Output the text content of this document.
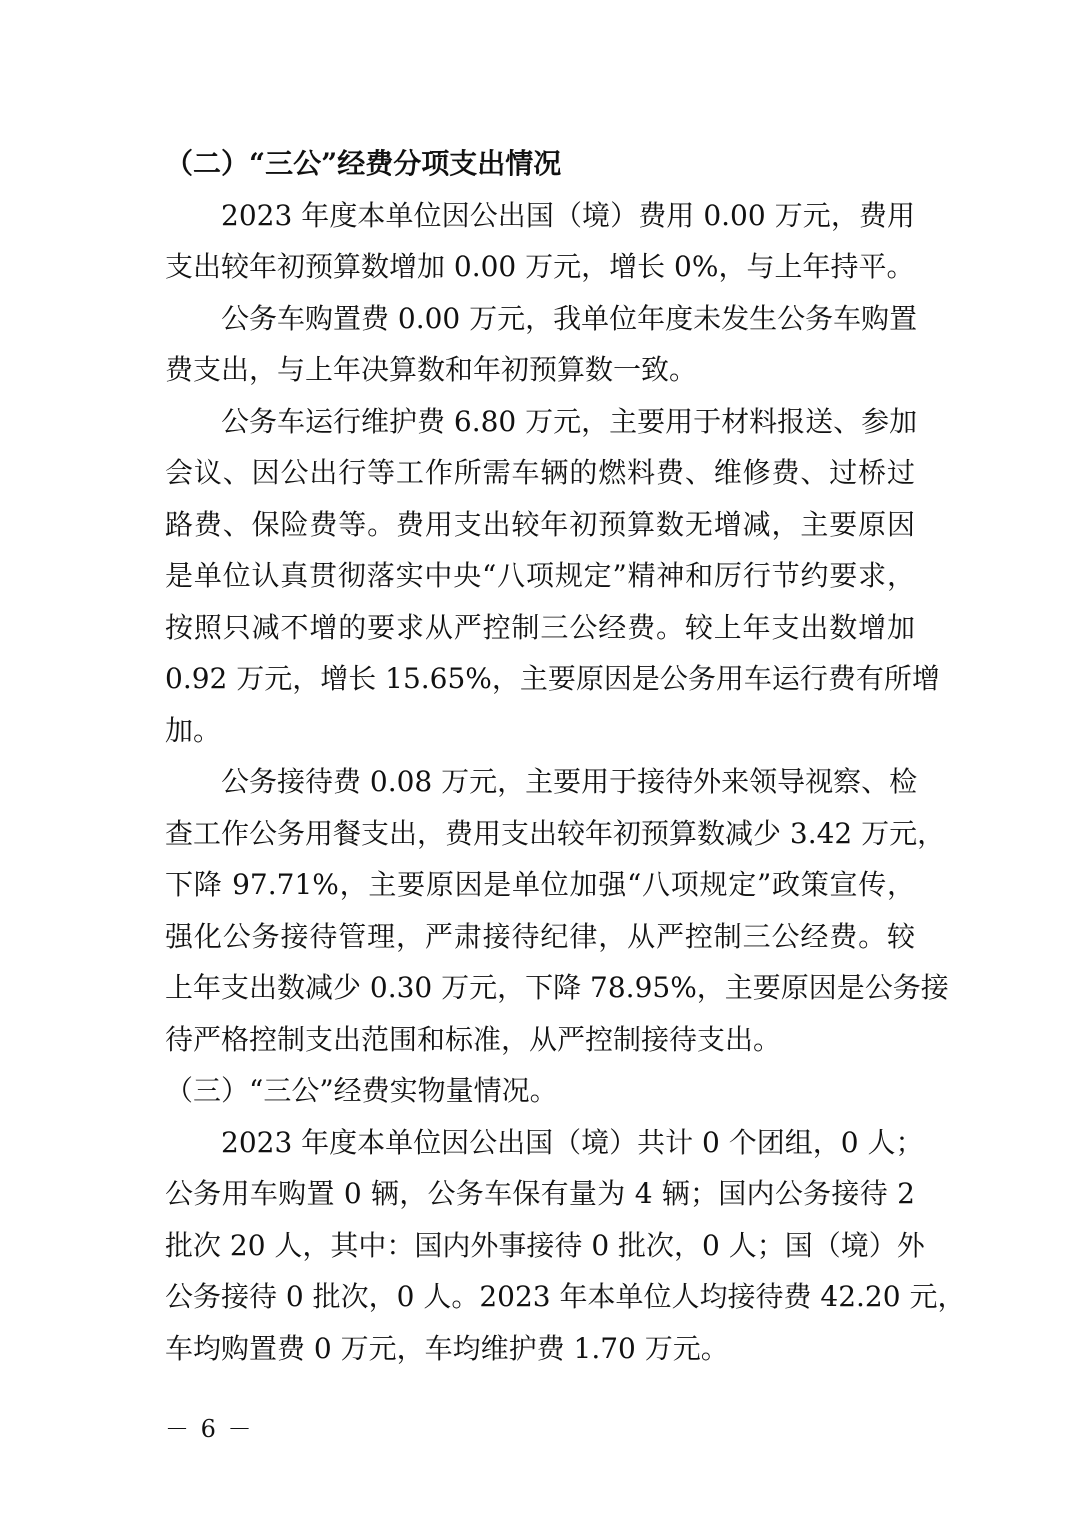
（二）“三公”经费分项支出情况
2023 年度本单位因公出国（境）费用 0.00 万元，费用
支出较年初预算数增加 0.00 万元，增长 0%，与上年持平。
公务车购置费 0.00 万元，我单位年度未发生公务车购置
费支出，与上年决算数和年初预算数一致。
公务车运行维护费 6.80 万元，主要用于材料报送、参加
会议、因公出行等工作所需车辆的燃料费、维修费、过桥过
路费、保险费等。费用支出较年初预算数无增减，主要原因
是单位认真贯彻落实中央“八项规定”精神和厉行节约要求，
按照只减不增的要求从严控制三公经费。较上年支出数增加
0.92 万元，增长 15.65%，主要原因是公务用车运行费有所增
加。
公务接待费 0.08 万元，主要用于接待外来领导视察、检
查工作公务用餐支出，费用支出较年初预算数减少 3.42 万元，
下降 97.71%，主要原因是单位加强“八项规定”政策宣传，
强化公务接待管理，严肃接待纪律，从严控制三公经费。较
上年支出数减少 0.30 万元，下降 78.95%，主要原因是公务接
待严格控制支出范围和标准，从严控制接待支出。
（三）“三公”经费实物量情况。
2023 年度本单位因公出国（境）共计 0 个团组，0 人；
公务用车购置 0 辆，公务车保有量为 4 辆；国内公务接待 2
批次 20 人，其中：国内外事接待 0 批次，0 人；国（境）外
公务接待 0 批次，0 人。2023 年本单位人均接待费 42.20 元，
车均购置费 0 万元，车均维护费 1.70 万元。
－ 6 －
